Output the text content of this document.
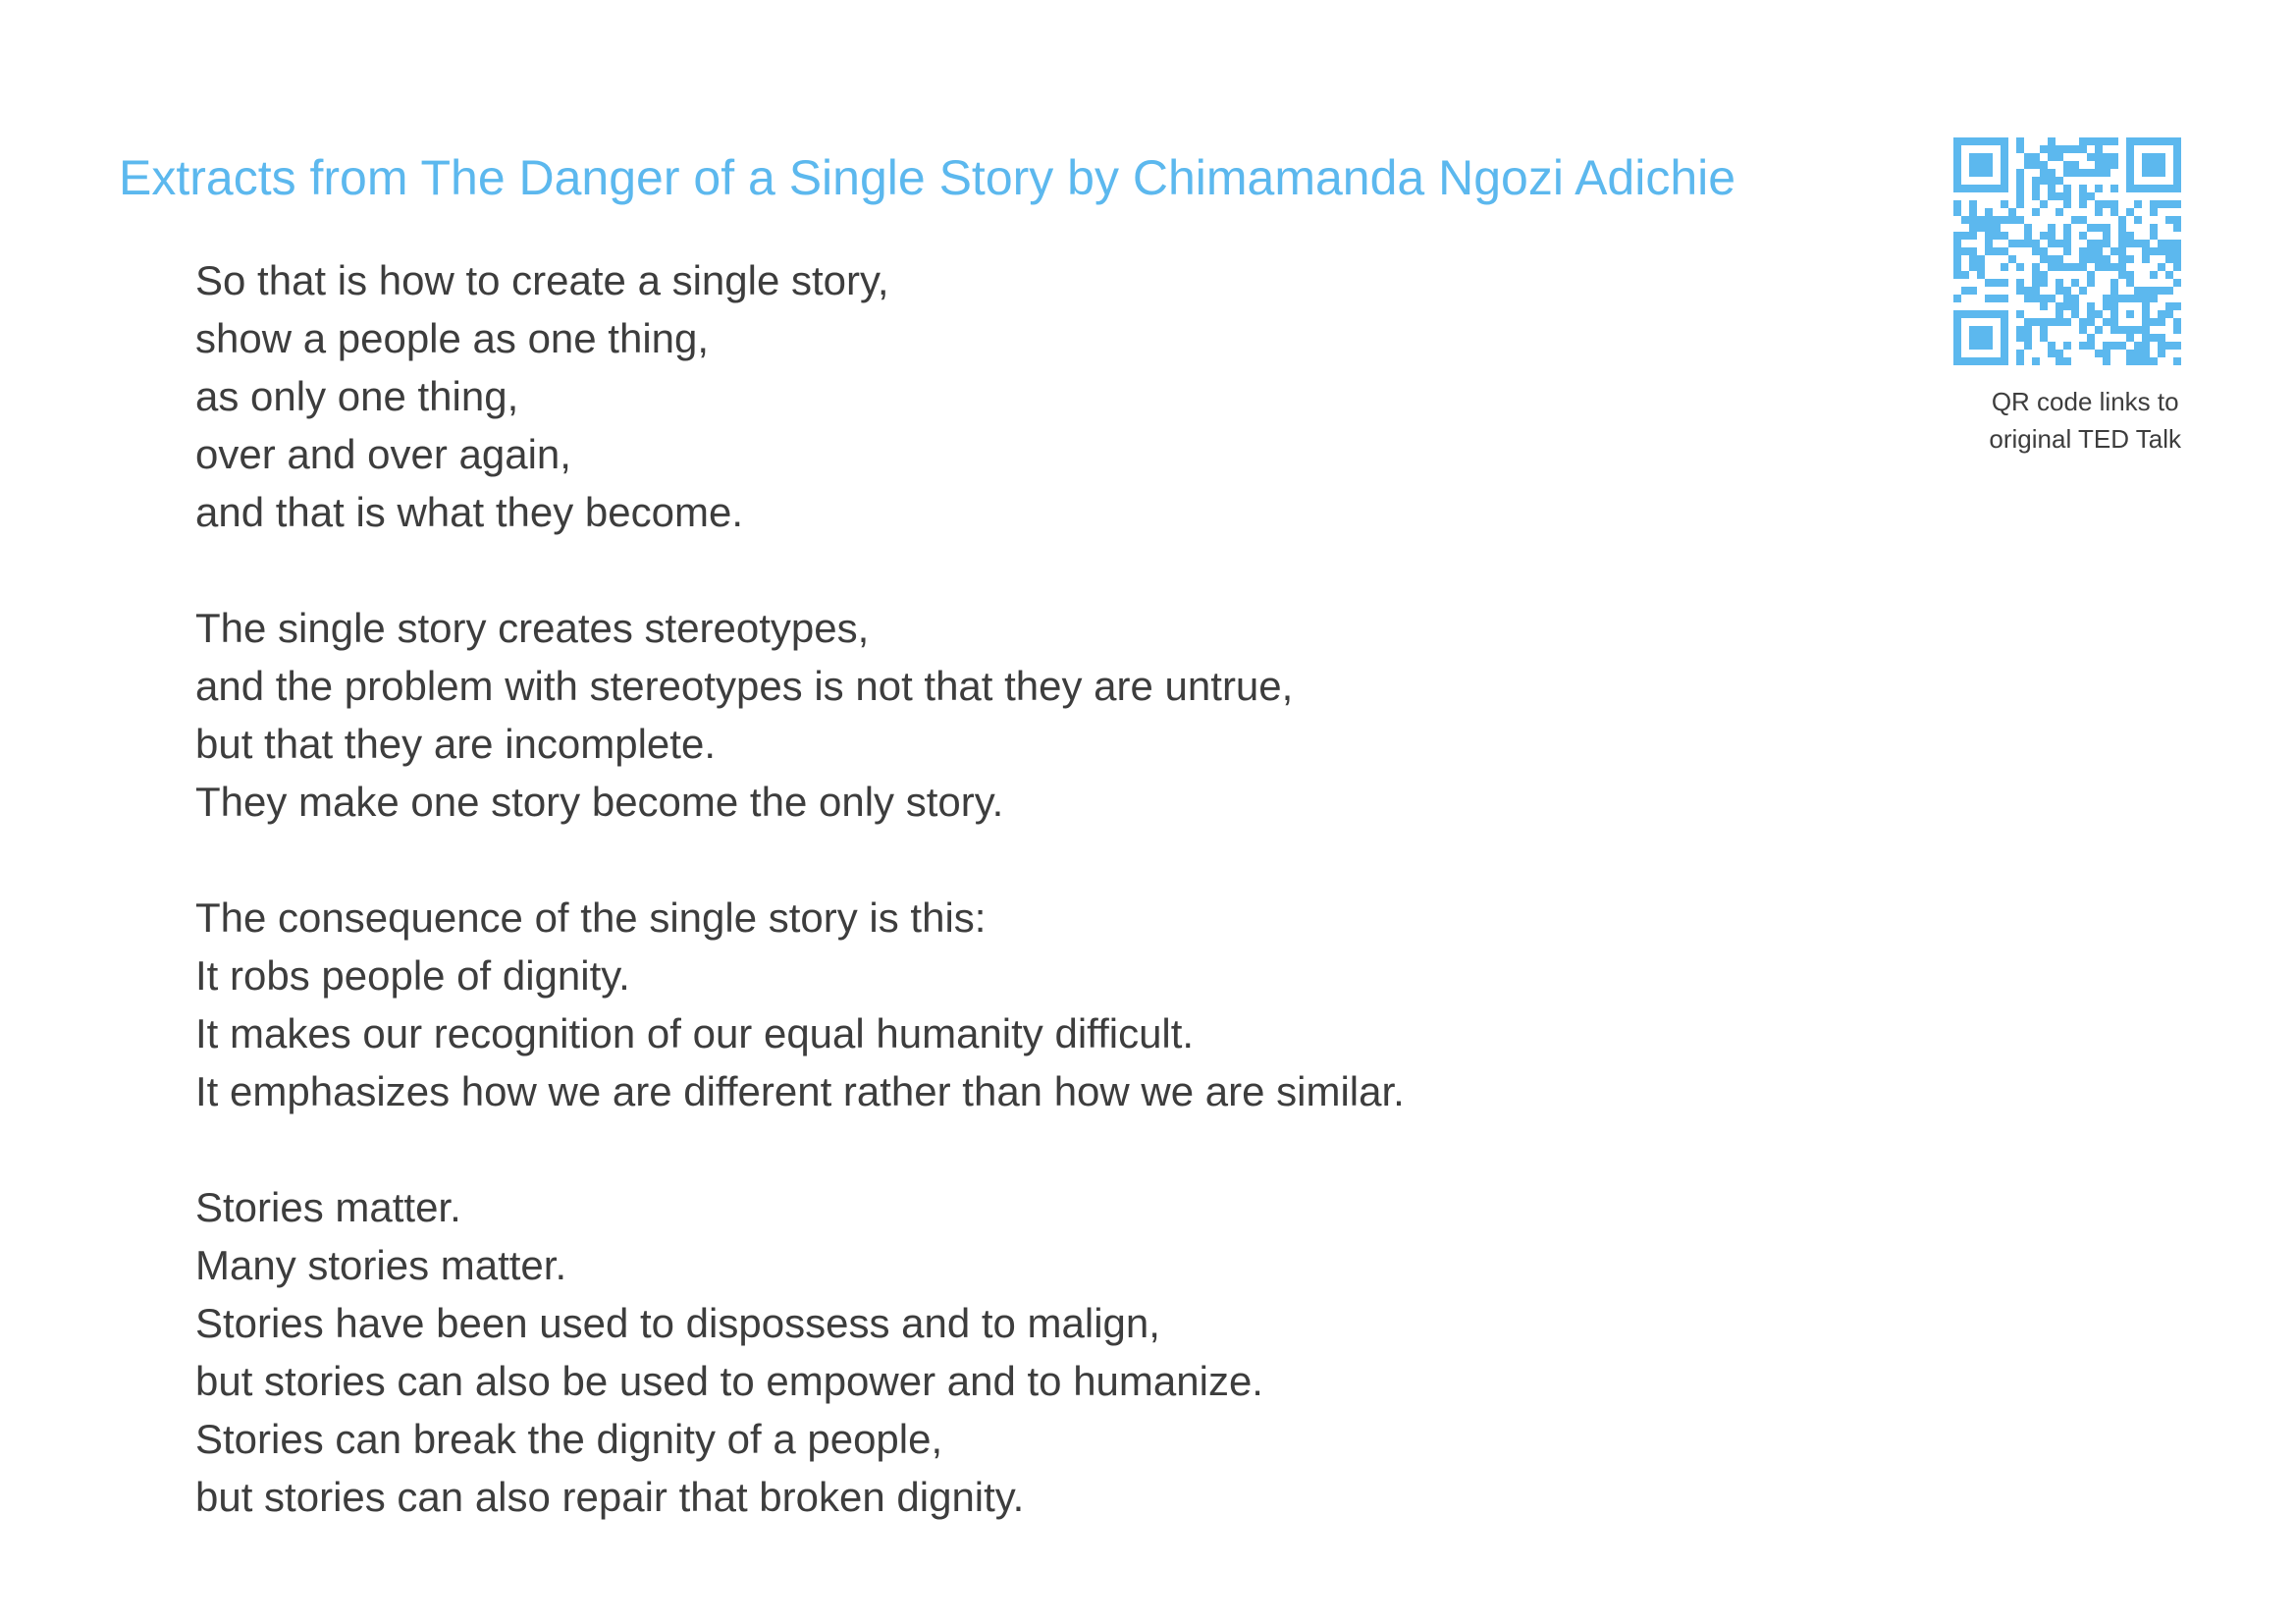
Extracts from The Danger of a Single Story by Chimamanda Ngozi Adichie
So that is how to create a single story,
show a people as one thing,
as only one thing,
over and over again,
and that is what they become.
The single story creates stereotypes,
and the problem with stereotypes is not that they are untrue,
but that they are incomplete.
They make one story become the only story.
The consequence of the single story is this:
It robs people of dignity.
It makes our recognition of our equal humanity difficult.
It emphasizes how we are different rather than how we are similar.
Stories matter.
Many stories matter.
Stories have been used to dispossess and to malign,
but stories can also be used to empower and to humanize.
Stories can break the dignity of a people,
but stories can also repair that broken dignity.
QR code links to
original TED Talk
